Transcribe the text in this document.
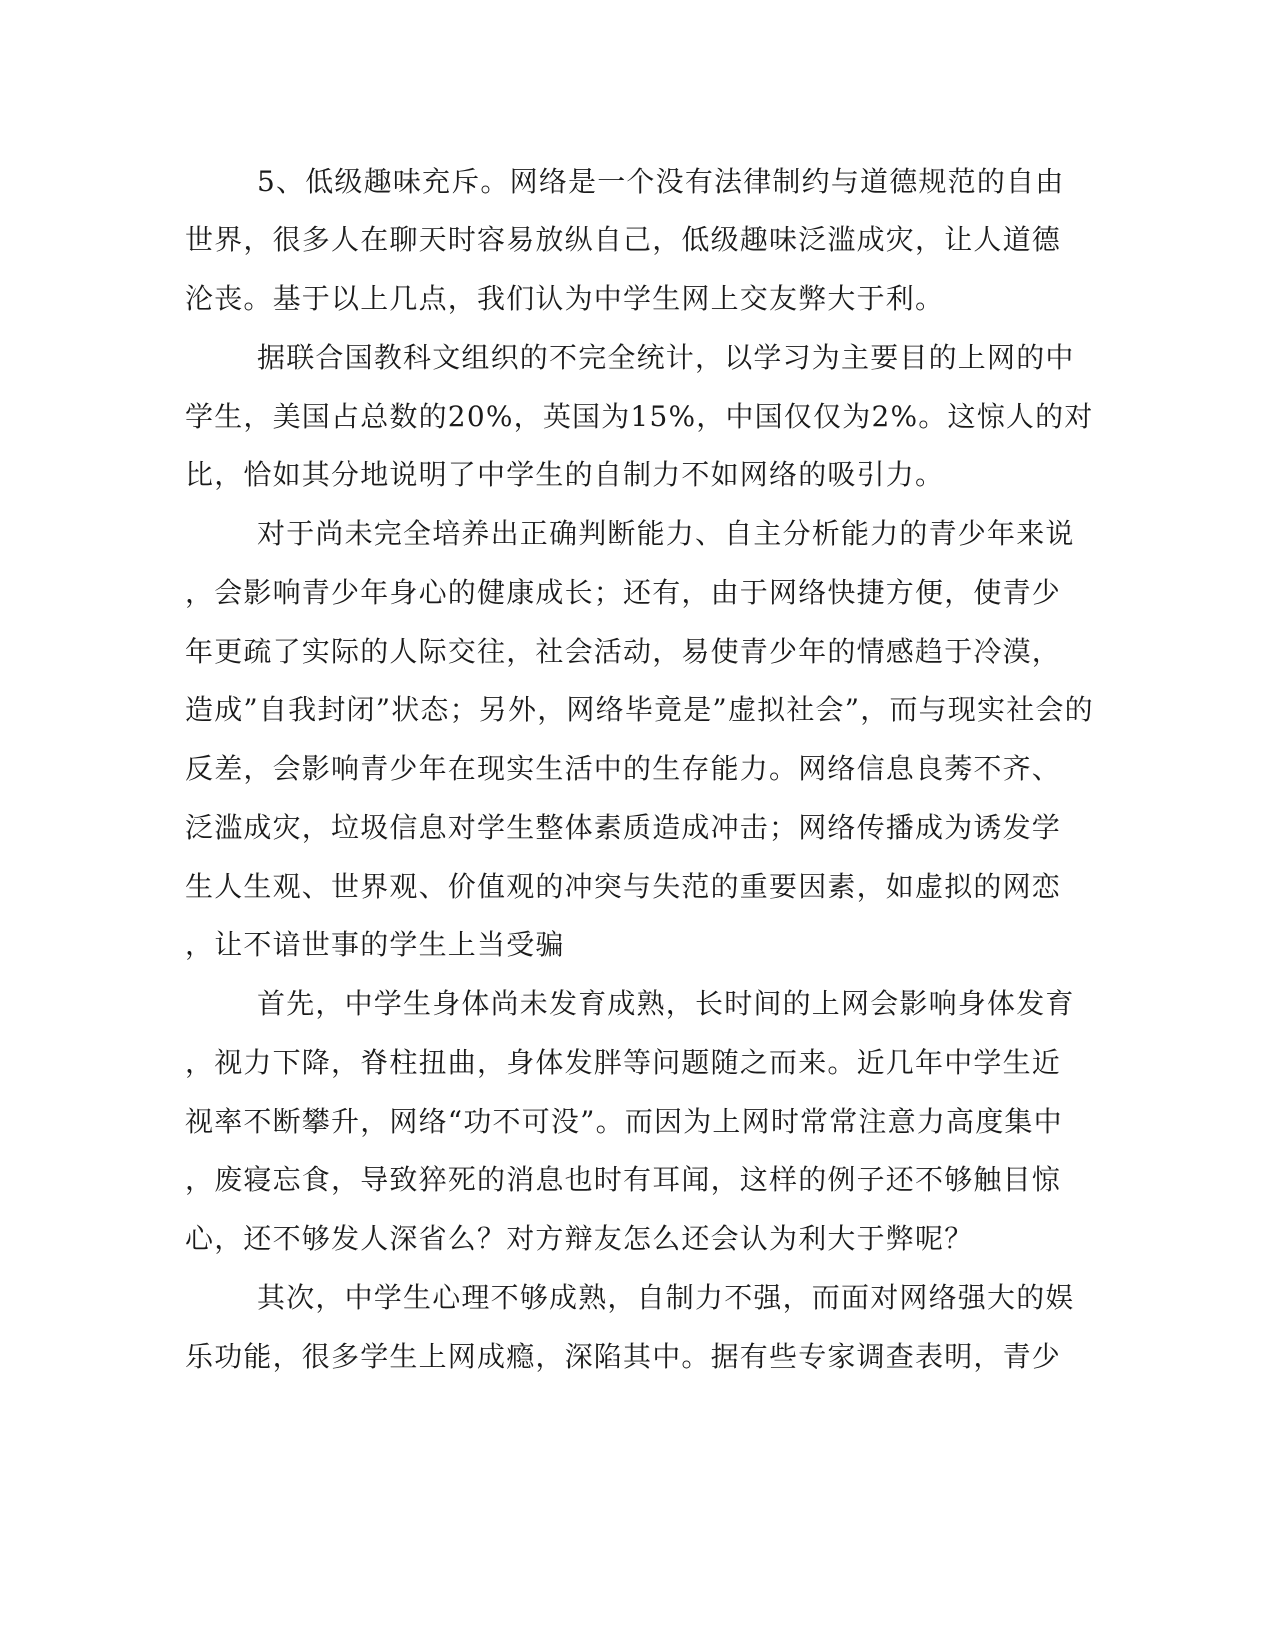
5、低级趣味充斥。网络是一个没有法律制约与道德规范的自由
世界，很多人在聊天时容易放纵自己，低级趣味泛滥成灾，让人道德
沦丧。基于以上几点，我们认为中学生网上交友弊大于利。
据联合国教科文组织的不完全统计，以学习为主要目的上网的中
学生，美国占总数的20%，英国为15%，中国仅仅为2%。这惊人的对
比，恰如其分地说明了中学生的自制力不如网络的吸引力。
对于尚未完全培养出正确判断能力、自主分析能力的青少年来说
，会影响青少年身心的健康成长；还有，由于网络快捷方便，使青少
年更疏了实际的人际交往，社会活动，易使青少年的情感趋于冷漠，
造成”自我封闭”状态；另外，网络毕竟是”虚拟社会”，而与现实社会的
反差，会影响青少年在现实生活中的生存能力。网络信息良莠不齐、
泛滥成灾，垃圾信息对学生整体素质造成冲击；网络传播成为诱发学
生人生观、世界观、价值观的冲突与失范的重要因素，如虚拟的网恋
，让不谙世事的学生上当受骗
首先，中学生身体尚未发育成熟，长时间的上网会影响身体发育
，视力下降，脊柱扭曲，身体发胖等问题随之而来。近几年中学生近
视率不断攀升，网络“功不可没”。而因为上网时常常注意力高度集中
，废寝忘食，导致猝死的消息也时有耳闻，这样的例子还不够触目惊
心，还不够发人深省么？对方辩友怎么还会认为利大于弊呢？
其次，中学生心理不够成熟，自制力不强，而面对网络强大的娱
乐功能，很多学生上网成瘾，深陷其中。据有些专家调查表明，青少
